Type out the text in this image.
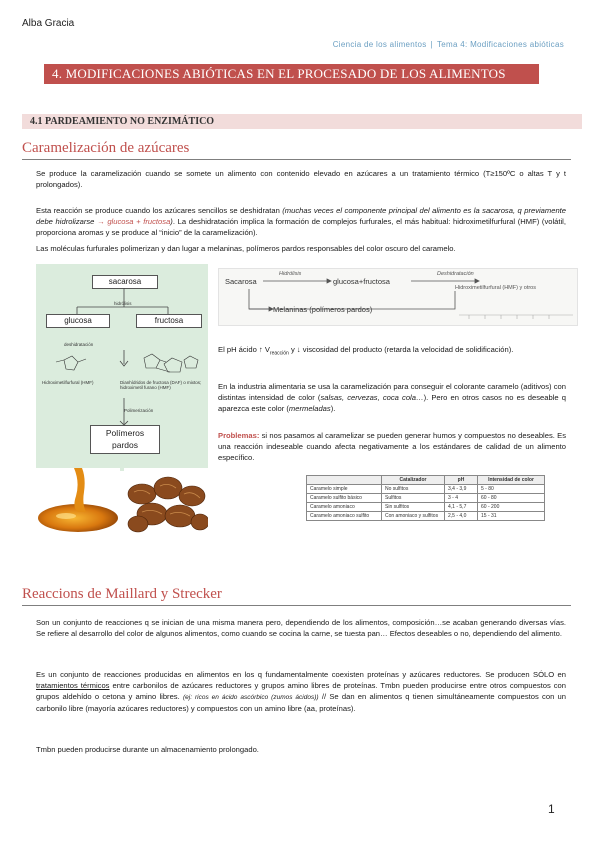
Alba Gracia
Ciencia de los alimentos | Tema 4: Modificaciones abióticas
4. MODIFICACIONES ABIÓTICAS EN EL PROCESADO DE LOS ALIMENTOS
4.1 PARDEAMIENTO NO ENZIMÁTICO
Caramelización de azúcares

Se produce la caramelización cuando se somete un alimento con contenido elevado en azúcares a un tratamiento térmico (T≥150ºC o altas T y t prolongados).

Esta reacción se produce cuando los azúcares sencillos se deshidratan (muchas veces el componente principal del alimento es la sacarosa, q previamente debe hidrolizarse → glucosa + fructosa). La deshidratación implica la formación de complejos furfurales, el más habitual: hidroximetilfurfural (HMF) (volátil, proporciona aromas y se produce al “inicio” de la caramelización).

Las moléculas furfurales polimerizan y dan lugar a melaninas, polímeros pardos responsables del color oscuro del caramelo.

sacarosa
hidrólisis
glucosa	fructosa
deshidratación
Hidroximetilfurfural (HMF)	Dianhídridos de fructosa (DAF) o mixtos; hidroximetil furano (HMF)
Polimerización
Polímeros
pardos
Sacarosa
Hidrólisis
glucosa+fructosa
Deshidratación
Hidroximetilfurfural (HMF) y otros
Melaninas (polímeros pardos)

El pH ácido ↑ $V_{reacción}$ y ↓ viscosidad del producto (retarda la velocidad de solidificación).

En la industria alimentaria se usa la caramelización para conseguir el colorante caramelo (aditivos) con distintas intensidad de color (salsas, cervezas, coca cola…). Pero en otros casos no es deseable q aparezca este color (mermeladas).

Problemas: si nos pasamos al caramelizar se pueden generar humos y compuestos no deseables. Es una reacción indeseable cuando afecta negativamente a los estándares de calidad de un alimento específico.

	Catalizador	pH	Intensidad de color
Caramelo simple	No sulfitos	3,4 - 3,9	5 - 80
Caramelo sulfito básico	Sulfitos	3 - 4	60 - 80
Caramelo amoniaco	Sin sulfitos	4,1 - 5,7	60 - 200
Caramelo amoniaco sulfito	Con amoniaco y sulfitos	2,5 - 4,0	15 - 31
Reaccions de Maillard y Strecker

Son un conjunto de reacciones q se inician de una misma manera pero, dependiendo de los alimentos, composición…se acaban generando diversas vías. Se refiere al desarrollo del color de algunos alimentos, como cuando se cocina la carne, se tuesta pan… Efectos deseables o no, dependiendo del alimento.

Es un conjunto de reacciones producidas en alimentos en los q fundamentalmente coexisten proteínas y azúcares reductores. Se producen SÓLO en tratamientos térmicos entre carbonilos de azúcares reductores y grupos amino libres de proteínas. Tmbn pueden producirse entre otros compuestos con grupos aldehído o cetona y amino libres. (ej: ricos en ácido ascórbico (zumos ácidos)) // Se dan en alimentos q tienen simultáneamente compuestos con un carbonilo libre (mayoría azúcares reductores) y compuestos con un amino libre (aa, proteínas).

Tmbn pueden producirse durante un almacenamiento prolongado.

1
